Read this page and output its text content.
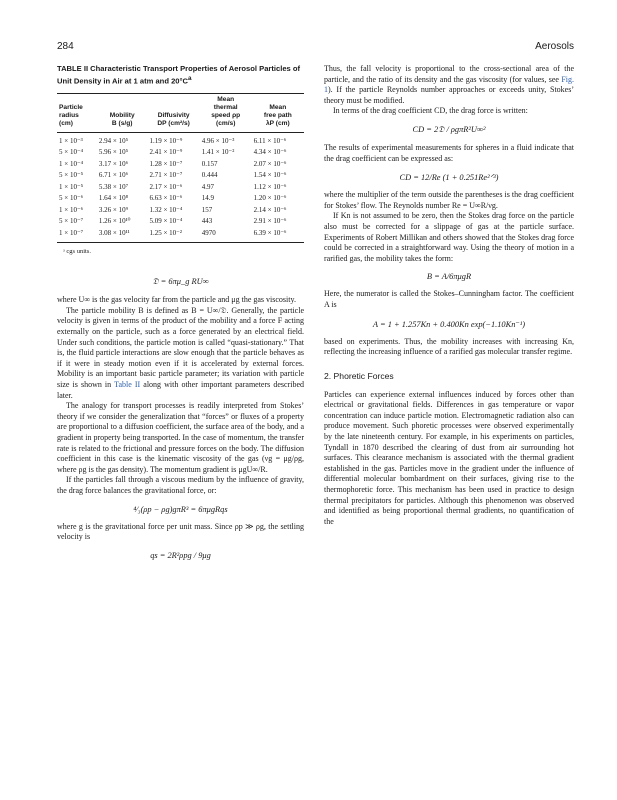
284	Aerosols
TABLE II Characteristic Transport Properties of Aerosol Particles of Unit Density in Air at 1 atm and $20^\circ C^a$
			Mean	
Particle			thermal	Mean
radius	Mobility	Diffusivity	speed ρp	free path
(cm)	B (s/g)	DP (cm²/s)	(cm/s)	λP (cm)
1 × 10⁻³	2.94 × 10⁵	1.19 × 10⁻⁹	4.96 × 10⁻³	6.11 × 10⁻⁶
5 × 10⁻⁴	5.96 × 10⁵	2.41 × 10⁻⁹	1.41 × 10⁻²	4.34 × 10⁻⁶
1 × 10⁻⁴	3.17 × 10⁶	1.28 × 10⁻⁷	0.157	2.07 × 10⁻⁶
5 × 10⁻⁵	6.71 × 10⁶	2.71 × 10⁻⁷	0.444	1.54 × 10⁻⁶
1 × 10⁻⁵	5.38 × 10⁷	2.17 × 10⁻⁶	4.97	1.12 × 10⁻⁶
5 × 10⁻⁶	1.64 × 10⁸	6.63 × 10⁻⁶	14.9	1.20 × 10⁻⁶
1 × 10⁻⁶	3.26 × 10⁹	1.32 × 10⁻⁴	157	2.14 × 10⁻⁶
5 × 10⁻⁷	1.26 × 10¹⁰	5.09 × 10⁻⁴	443	2.91 × 10⁻⁶
1 × 10⁻⁷	3.08 × 10¹¹	1.25 × 10⁻²	4970	6.39 × 10⁻⁶
ᵃ cgs units.
𝔇 = 6πμ_g RU∞

where U∞ is the gas velocity far from the particle and μg the gas viscosity.

The particle mobility B is defined as B = U∞/𝔇. Generally, the particle velocity is given in terms of the product of the mobility and a force F acting externally on the particle, such as a force generated by an electrical field. Under such conditions, the particle motion is called “quasi-stationary.” That is, the fluid particle interactions are slow enough that the particle behaves as if it were in steady motion even if it is accelerated by external forces. Mobility is an important basic particle parameter; its variation with particle size is shown in Table II along with other important parameters described later.

The analogy for transport processes is readily interpreted from Stokes’ theory if we consider the generalization that “forces” or fluxes of a property are proportional to a diffusion coefficient, the surface area of the body, and a gradient in property being transported. In the case of momentum, the transfer rate is related to the frictional and pressure forces on the body. The diffusion coefficient in this case is the kinematic viscosity of the gas (νg = μg/ρg, where ρg is the gas density). The momentum gradient is μgU∞/R.

If the particles fall through a viscous medium by the influence of gravity, the drag force balances the gravitational force, or:

⁴⁄₃(ρp − ρg)gπR³ = 6πμgRqs

where g is the gravitational force per unit mass. Since ρp ≫ ρg, the settling velocity is

qs = 2R²ρpg / 9μg

Thus, the fall velocity is proportional to the cross-sectional area of the particle, and the ratio of its density and the gas viscosity (for values, see Fig. 1). If the particle Reynolds number approaches or exceeds unity, Stokes’ theory must be modified.

In terms of the drag coefficient CD, the drag force is written:

CD = 2𝔇 / ρgπR²U∞²

The results of experimental measurements for spheres in a fluid indicate that the drag coefficient can be expressed as:

CD = 12/Re (1 + 0.251Re²ᐟ³)

where the multiplier of the term outside the parentheses is the drag coefficient for Stokes’ flow. The Reynolds number Re = U∞R/νg.

If Kn is not assumed to be zero, then the Stokes drag force on the particle also must be corrected for a slippage of gas at the particle surface. Experiments of Robert Millikan and others showed that the Stokes drag force could be corrected in a straightforward way. Using the theory of motion in a rarified gas, the mobility takes the form:

B = A/6πμgR

Here, the numerator is called the Stokes–Cunningham factor. The coefficient A is

A = 1 + 1.257Kn + 0.400Kn exp(−1.10Kn⁻¹)

based on experiments. Thus, the mobility increases with increasing Kn, reflecting the increasing influence of a rarified gas molecular transfer regime.

2. Phoretic Forces

Particles can experience external influences induced by forces other than electrical or gravitational fields. Differences in gas temperature or vapor concentration can induce particle motion. Electromagnetic radiation also can produce movement. Such phoretic processes were observed experimentally by the late nineteenth century. For example, in his experiments on particles, Tyndall in 1870 described the clearing of dust from air surrounding hot surfaces. This clearance mechanism is associated with the thermal gradient established in the gas. Particles move in the gradient under the influence of differential molecular bombardment on their surfaces, giving rise to the thermophoretic force. This mechanism has been used in practice to design thermal precipitators for particles. Although this phenomenon was observed and identified as being proportional thermal gradients, no quantification of the
